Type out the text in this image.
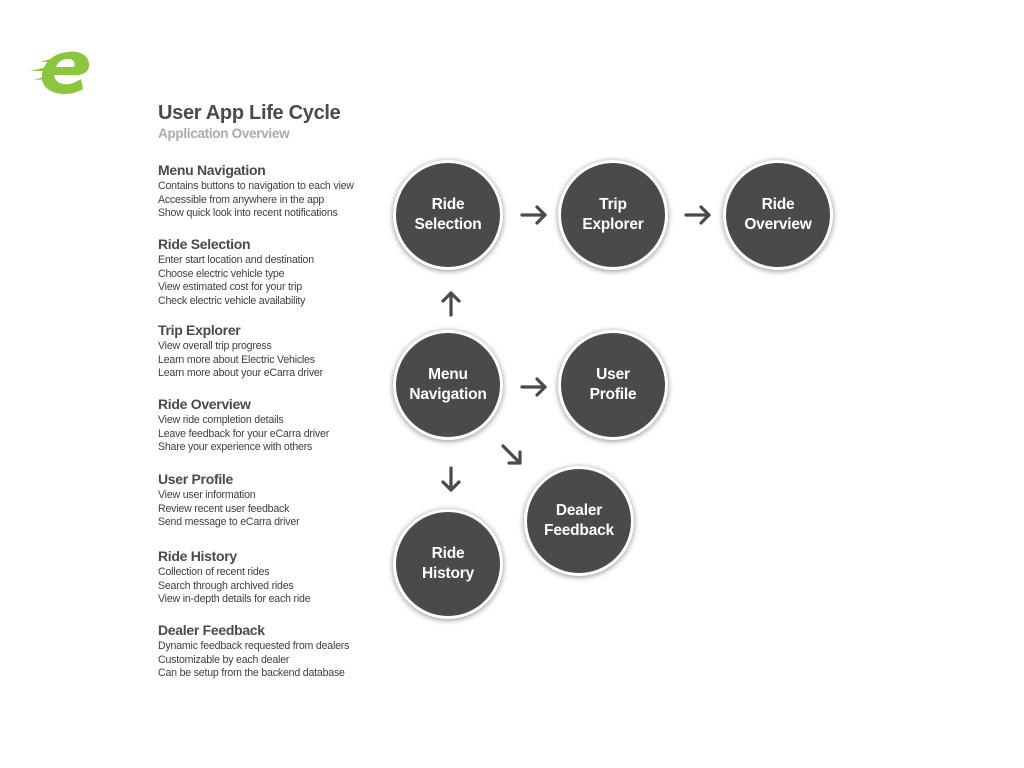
User App Life Cycle
Application Overview
Menu Navigation
Contains buttons to navigation to each view
Accessible from anywhere in the app
Show quick look into recent notifications
Ride Selection
Enter start location and destination
Choose electric vehicle type
View estimated cost for your trip
Check electric vehicle availability
Trip Explorer
View overall trip progress
Learn more about Electric Vehicles
Learn more about your eCarra driver
Ride Overview
View ride completion details
Leave feedback for your eCarra driver
Share your experience with others
User Profile
View user information
Review recent user feedback
Send message to eCarra driver
Ride History
Collection of recent rides
Search through archived rides
View in-depth details for each ride
Dealer Feedback
Dynamic feedback requested from dealers
Customizable by each dealer
Can be setup from the backend database
Ride
Selection
Trip
Explorer
Ride
Overview
Menu
Navigation
User
Profile
Dealer
Feedback
Ride
History
